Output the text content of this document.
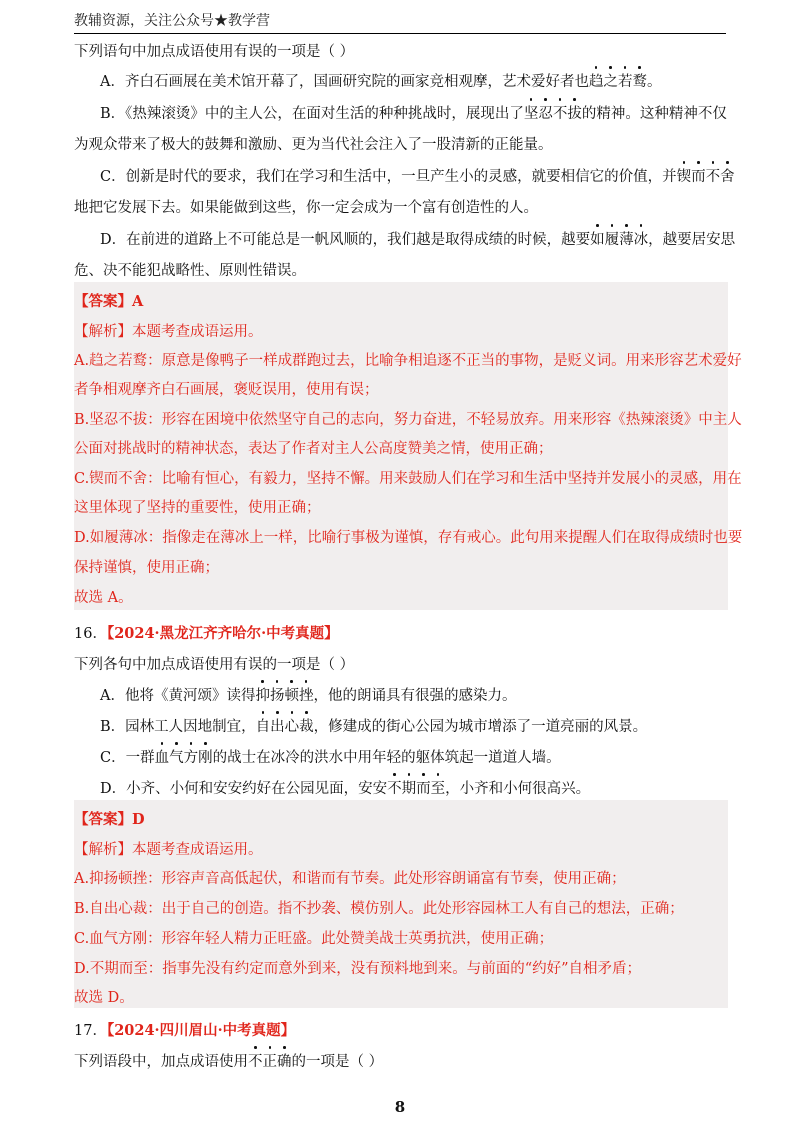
教辅资源，关注公众号★教学营
下列语句中加点成语使用有误的一项是（ ）
A．齐白石画展在美术馆开幕了，国画研究院的画家竞相观摩，艺术爱好者也趋之若鹜。
B．《热辣滚烫》中的主人公，在面对生活的种种挑战时，展现出了坚忍不拔的精神。这种精神不仅
为观众带来了极大的鼓舞和激励、更为当代社会注入了一股清新的正能量。
C．创新是时代的要求，我们在学习和生活中，一旦产生小的灵感，就要相信它的价值，并锲而不舍
地把它发展下去。如果能做到这些，你一定会成为一个富有创造性的人。
D．在前进的道路上不可能总是一帆风顺的，我们越是取得成绩的时候，越要如履薄冰，越要居安思
危、决不能犯战略性、原则性错误。
【答案】A
【解析】本题考查成语运用。
A.趋之若鹜：原意是像鸭子一样成群跑过去，比喻争相追逐不正当的事物，是贬义词。用来形容艺术爱好
者争相观摩齐白石画展，褒贬误用，使用有误；
B.坚忍不拔：形容在困境中依然坚守自己的志向，努力奋进，不轻易放弃。用来形容《热辣滚烫》中主人
公面对挑战时的精神状态，表达了作者对主人公高度赞美之情，使用正确；
C.锲而不舍：比喻有恒心，有毅力，坚持不懈。用来鼓励人们在学习和生活中坚持并发展小的灵感，用在
这里体现了坚持的重要性，使用正确；
D.如履薄冰：指像走在薄冰上一样，比喻行事极为谨慎，存有戒心。此句用来提醒人们在取得成绩时也要
保持谨慎，使用正确；
故选 A。
16．【2024·黑龙江齐齐哈尔·中考真题】
下列各句中加点成语使用有误的一项是（ ）
A．他将《黄河颂》读得抑扬顿挫，他的朗诵具有很强的感染力。
B．园林工人因地制宜，自出心裁，修建成的街心公园为城市增添了一道亮丽的风景。
C．一群血气方刚的战士在冰冷的洪水中用年轻的躯体筑起一道道人墙。
D．小齐、小何和安安约好在公园见面，安安不期而至，小齐和小何很高兴。
【答案】D
【解析】本题考查成语运用。
A.抑扬顿挫：形容声音高低起伏，和谐而有节奏。此处形容朗诵富有节奏，使用正确；
B.自出心裁：出于自己的创造。指不抄袭、模仿别人。此处形容园林工人有自己的想法，正确；
C.血气方刚：形容年轻人精力正旺盛。此处赞美战士英勇抗洪，使用正确；
D.不期而至：指事先没有约定而意外到来，没有预料地到来。与前面的“约好”自相矛盾；
故选 D。
17．【2024·四川眉山·中考真题】
下列语段中，加点成语使用不正确的一项是（ ）
8
